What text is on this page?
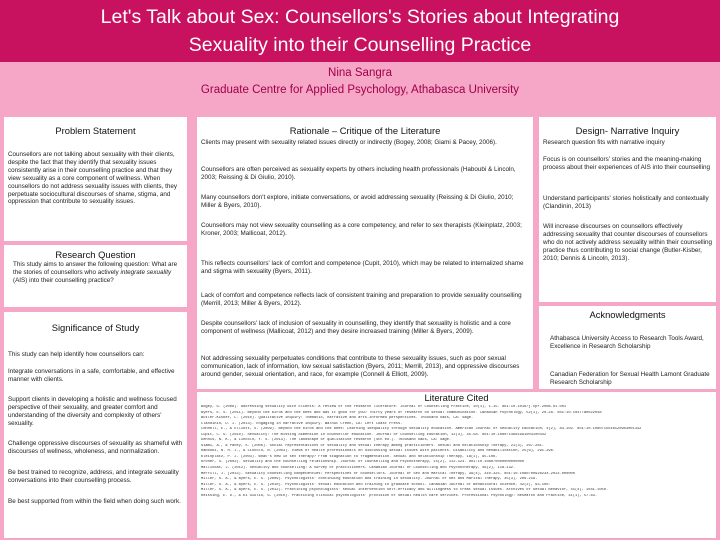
Let's Talk about Sex: Counsellors's Stories about Integrating
Sexuality into their Counselling Practice
Nina Sangra
Graduate Centre for Applied Psychology, Athabasca University
Problem Statement
Counsellors are not talking about sexuality with their clients, despite the fact that they identify that sexuality issues consistently arise in their counselling practice and that they view sexuality as a core component of wellness. When counsellors do not address sexuality issues with clients, they perpetuate sociocultural discourses of shame, stigma, and oppression that contribute to sexuality issues.
Research Question
This study aims to answer the following question: What are the stories of counsellors who actively integrate sexuality (AIS) into their counselling practice?
Significance of Study
This study can help identify how counsellors can:
Integrate conversations in a safe, comfortable, and effective manner with clients.
Support clients in developing a holistic and wellness focused perspective of their sexuality, and greater comfort and understanding of the diversity and complexity of others' sexuality.
Challenge oppressive discourses of sexuality as shameful with discourses of wellness, wholeness, and normalization.
Be best trained to recognize, address, and integrate sexuality conversations into their counselling process.
Be best supported from within the field when doing such work.
Rationale – Critique of the Literature
Clients may present with sexuality related issues directly or indirectly (Bogey, 2008; Giami & Pacey, 2006).
Counsellors are often perceived as sexuality experts by others including health professionals (Haboubi & Lincoln, 2003; Reissing & Di Giulio, 2010).
Many counsellors don't explore, initiate conversations, or avoid addressing sexuality (Reissing & Di Giulio, 2010; Miller & Byers, 2010).
Counsellors may not view sexuality counselling as a core competency, and refer to sex therapists (Kleinplatz, 2003; Kroner, 2003; Mallicoat, 2012).
This reflects counsellors' lack of comfort and competence (Cupit, 2010), which may be related to internalized shame and stigma with sexuality (Byers, 2011).
Lack of comfort and competence reflects lack of consistent training and preparation to provide sexuality counselling (Merrill, 2013; Miller & Byers, 2012).
Despite counsellors' lack of inclusion of sexuality in counselling, they identify that sexuality is holistic and a core component of wellness (Mallicoat, 2012) and they desire increased training (Miller & Byers, 2009).
Not addressing sexuality perpetuates conditions that contribute to these sexuality issues, such as poor sexual communication, lack of information, low sexual satisfaction (Byers, 2011; Merrill, 2013), and oppressive discourses around gender, sexual orientation, and race, for example (Connell & Elliott, 2009).
Design- Narrative Inquiry
Research question fits with narrative inquiry
Focus is on counsellors' stories and the meaning-making process about their experiences of AIS into their counselling
Understand participants' stories holistically and contextually (Clandinin, 2013)
Will increase discourses on counsellors effectively addressing sexuality that counter discourses of counsellors who do not actively address sexuality within their counselling practice thus contributing to social change (Butler-Kisber, 2010; Dennis & Lincoln, 2013).
Acknowledgments
Athabasca University Access to Research Tools Award, Excellence in Research Scholarship
Canadian Federation for Sexual Health Lamont Graduate Research Scholarship
Literature Cited
Bogey, G. (2008). Addressing sexuality with clients: A review of the research literature. Journal of Counselling Practice, 10(1), 1-15. doi:10.1016/j.cpr.2008.01.001
Byers, E. S. (2011). Beyond the birds and the bees and was it good for you? Thirty years of research on sexual communication. Canadian Psychology, 52(1), 20-28. doi:10.1037/a0022048
Butler-Kisber, L. (2010). Qualitative inquiry: Thematic, narrative and arts-informed perspectives. Thousand Oaks, CA: Sage.
Clandinin, D. J. (2013). Engaging in narrative inquiry. Walnut Creek, CA: Left Coast Press.
Connell, E., & Elliott, S. (2009). Beyond the birds and the bees: Learning inequality through sexuality education. American Journal of Sexuality Education, 4(2), 83-102. doi:10.1080/15546120903001332
Cupit, C. G. (2010). Sexuality: The missing dimension in counsellor education. Journal of Counselling Education, 12(3), 45-58. doi:10.1080/14681991003100342
Dennis, N. K., & Lincoln, Y. S. (2013). The landscape of qualitative research (4th ed.). Thousand Oaks, CA: Sage.
Giami, A., & Pacey, S. (2006). Social representations of sexuality and sexual therapy among practitioners. Sexual and Relationship Therapy, 21(3), 267-281.
Haboubi, N. H. J., & Lincoln, N. (2003). Views of health professionals on discussing sexual issues with patients. Disability and Rehabilitation, 25(6), 291-296.
Kleinplatz, P. J. (2003). What's new in sex therapy? From stagnation to fragmentation. Sexual and Relationship Therapy, 18(1), 95-106.
Kroner, S. (2003). Sexuality and the counselling relationship. Journal of Counselling and Psychotherapy, 15(2), 112-124. doi:10.1080/0000000000000
Mallicoat, J. (2012). Sexuality and counselling: A survey of practitioners. Canadian Journal of Counselling and Psychotherapy, 46(2), 118-132.
Merrill, J. (2013). Sexuality counselling competencies: Perspectives of counsellors. Journal of Sex and Marital Therapy, 39(4), 310-325. doi:10.1080/0092623X.2013.000000
Miller, S. A., & Byers, E. S. (2009). Psychologists' continuing education and training in sexuality. Journal of Sex and Marital Therapy, 35(3), 206-219.
Miller, S. A., & Byers, E. S. (2010). Psychologists' sexual education and training in graduate school. Canadian Journal of Behavioural Science, 42(2), 93-100.
Miller, S. A., & Byers, E. S. (2012). Practicing psychologists' sexual intervention self-efficacy and willingness to treat sexual issues. Archives of Sexual Behavior, 41(4), 1041-1050.
Reissing, E. D., & Di Giulio, G. (2010). Practicing clinical psychologists' provision of sexual health care services. Professional Psychology: Research and Practice, 41(1), 57-63.
